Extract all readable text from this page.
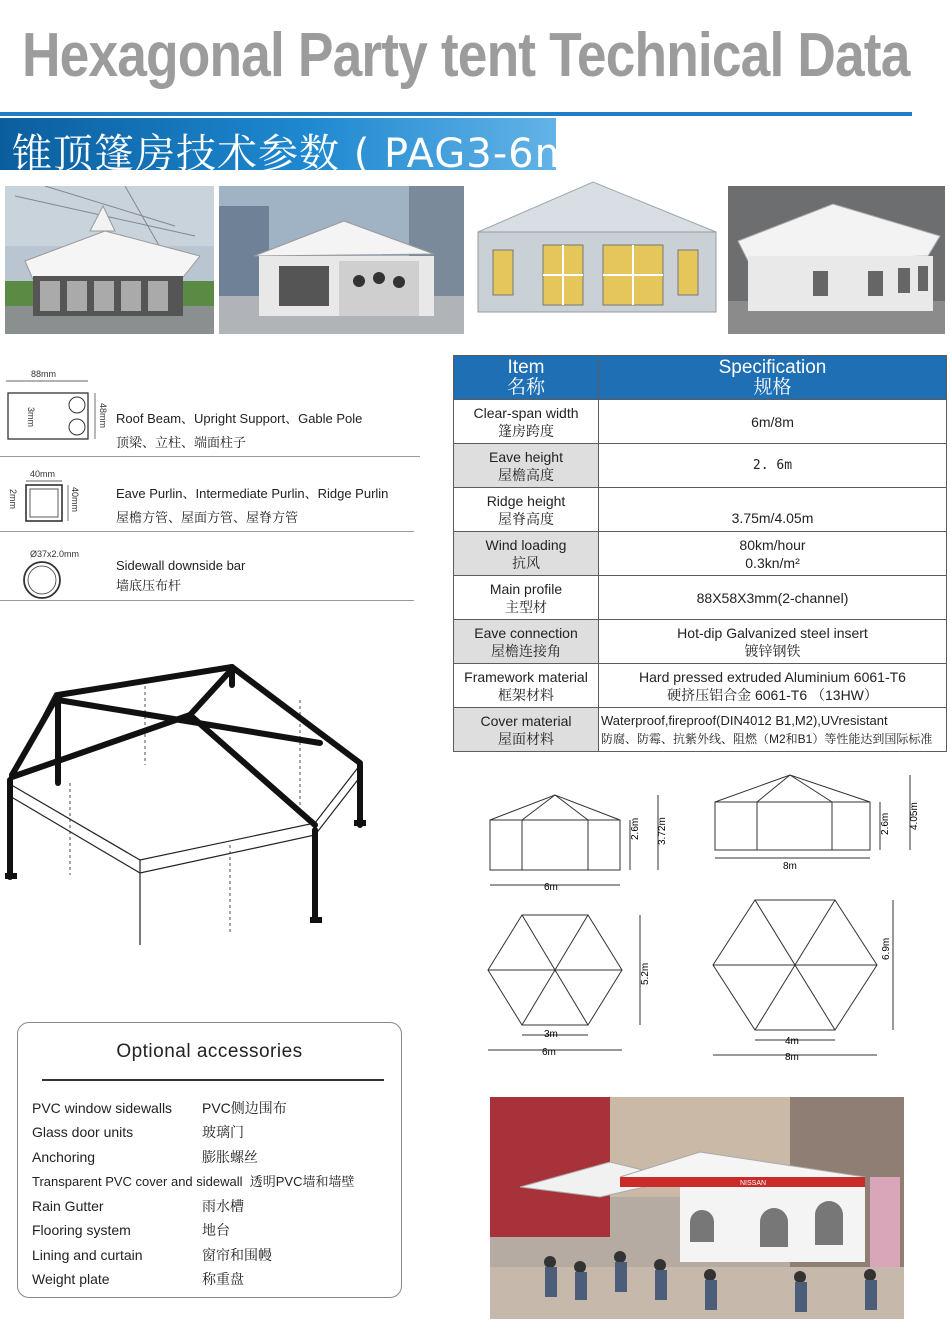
Hexagonal Party tent Technical Data
锥顶篷房技术参数 ( PAG3-6m)
88mm
48mm
3mm	Roof Beam、Upright Support、Gable Pole
顶梁、立柱、端面柱子
40mm
40mm
2mm	Eave Purlin、Intermediate Purlin、Ridge Purlin
屋檐方管、屋面方管、屋脊方管
Ø37x2.0mm
Sidewall downside bar
墙底压布杆
Item
名称	Specification
规格
Clear-span width
篷房跨度	6m/8m
Eave height
屋檐高度	2. 6m
Ridge height
屋脊高度	3.75m/4.05m
Wind loading
抗风	80km/hour
0.3kn/m²
Main profile
主型材	88X58X3mm(2-channel)
Eave connection
屋檐连接角	Hot-dip Galvanized steel insert
镀锌钢铁
Framework material
框架材料	Hard pressed extruded Aluminium 6061-T6
硬挤压铝合金 6061-T6 （13HW）
Cover material
屋面材料	Waterproof,fireproof(DIN4012 B1,M2),UVresistant
防腐、防霉、抗紫外线、阻燃（M2和B1）等性能达到国际标准
6m
2.6m 3.72m
8m
2.6m 4.05m
3m
6m
5.2m
4m
8m
6.9m
Optional accessories
PVC window sidewalls PVC侧边围布
Glass door units	玻璃门
Anchoring	膨胀螺丝
Transparent PVC cover and sidewall 透明PVC墙和墙壁
Rain Gutter	雨水槽
Flooring system	地台
Lining and curtain	窗帘和围幔
Weight plate	称重盘
NISSAN
